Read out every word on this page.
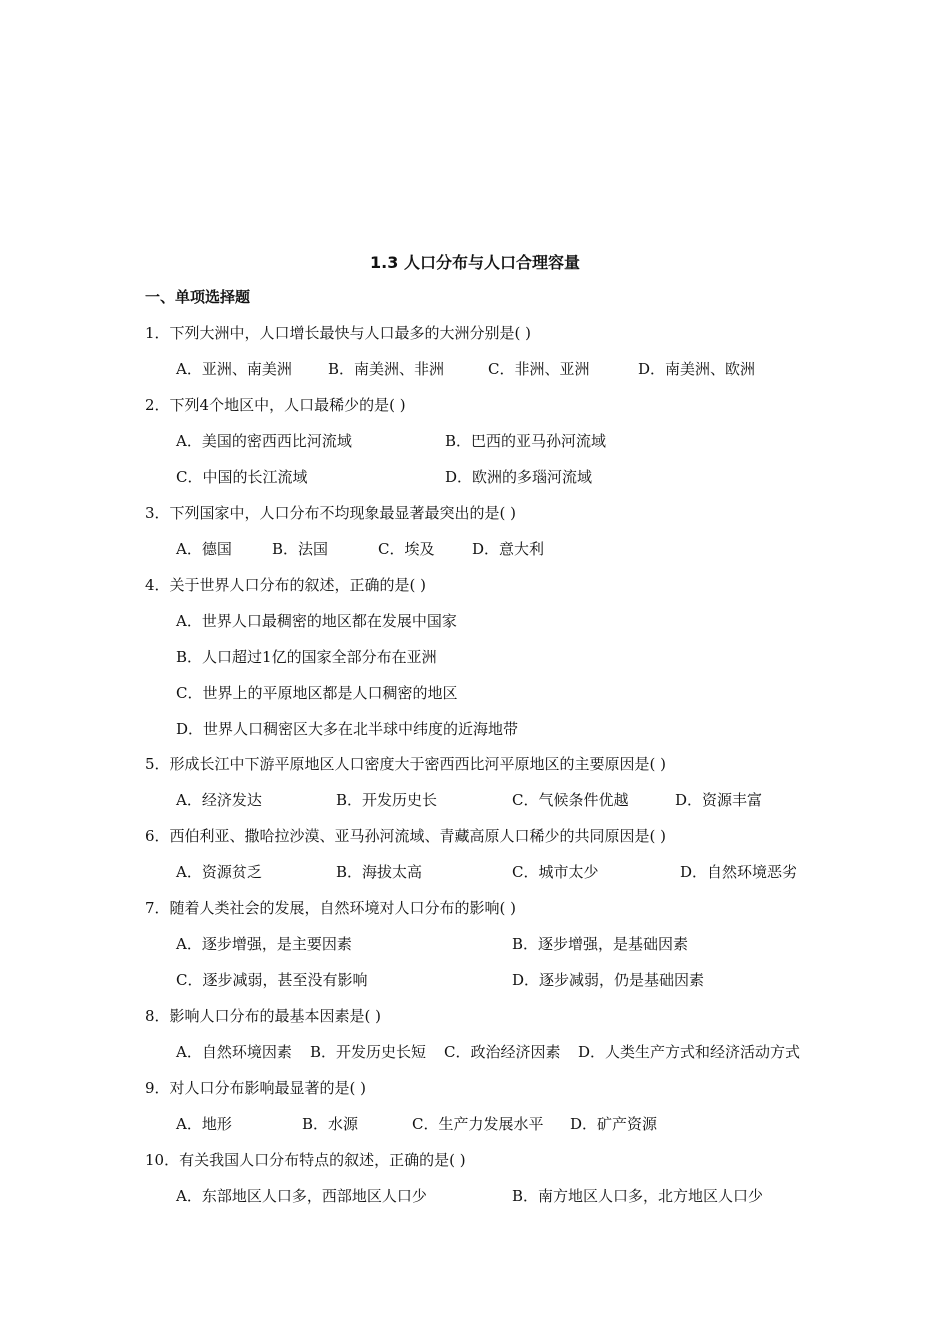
1.3 人口分布与人口合理容量
一、单项选择题
1．下列大洲中，人口增长最快与人口最多的大洲分别是( )
A．亚洲、南美洲 B．南美洲、非洲	C．非洲、亚洲	D．南美洲、欧洲
2．下列4个地区中，人口最稀少的是( )
A．美国的密西西比河流域	B．巴西的亚马孙河流域
C．中国的长江流域	D．欧洲的多瑙河流域
3．下列国家中，人口分布不均现象最显著最突出的是( )
A．德国	B．法国	C．埃及	D．意大利
4．关于世界人口分布的叙述，正确的是( )
A．世界人口最稠密的地区都在发展中国家
B．人口超过1亿的国家全部分布在亚洲
C．世界上的平原地区都是人口稠密的地区
D．世界人口稠密区大多在北半球中纬度的近海地带
5．形成长江中下游平原地区人口密度大于密西西比河平原地区的主要原因是( )
A．经济发达	B．开发历史长	C．气候条件优越	D．资源丰富
6．西伯利亚、撒哈拉沙漠、亚马孙河流域、青藏高原人口稀少的共同原因是( )
A．资源贫乏	B．海拔太高	C．城市太少	D．自然环境恶劣
7．随着人类社会的发展，自然环境对人口分布的影响( )
A．逐步增强，是主要因素	B．逐步增强，是基础因素
C．逐步减弱，甚至没有影响	D．逐步减弱，仍是基础因素
8．影响人口分布的最基本因素是( )
A．自然环境因素 B．开发历史长短 C．政治经济因素 D．人类生产方式和经济活动方式
9．对人口分布影响最显著的是( )
A．地形	B．水源	C．生产力发展水平 D．矿产资源
10．有关我国人口分布特点的叙述，正确的是( )
A．东部地区人口多，西部地区人口少	B．南方地区人口多，北方地区人口少
